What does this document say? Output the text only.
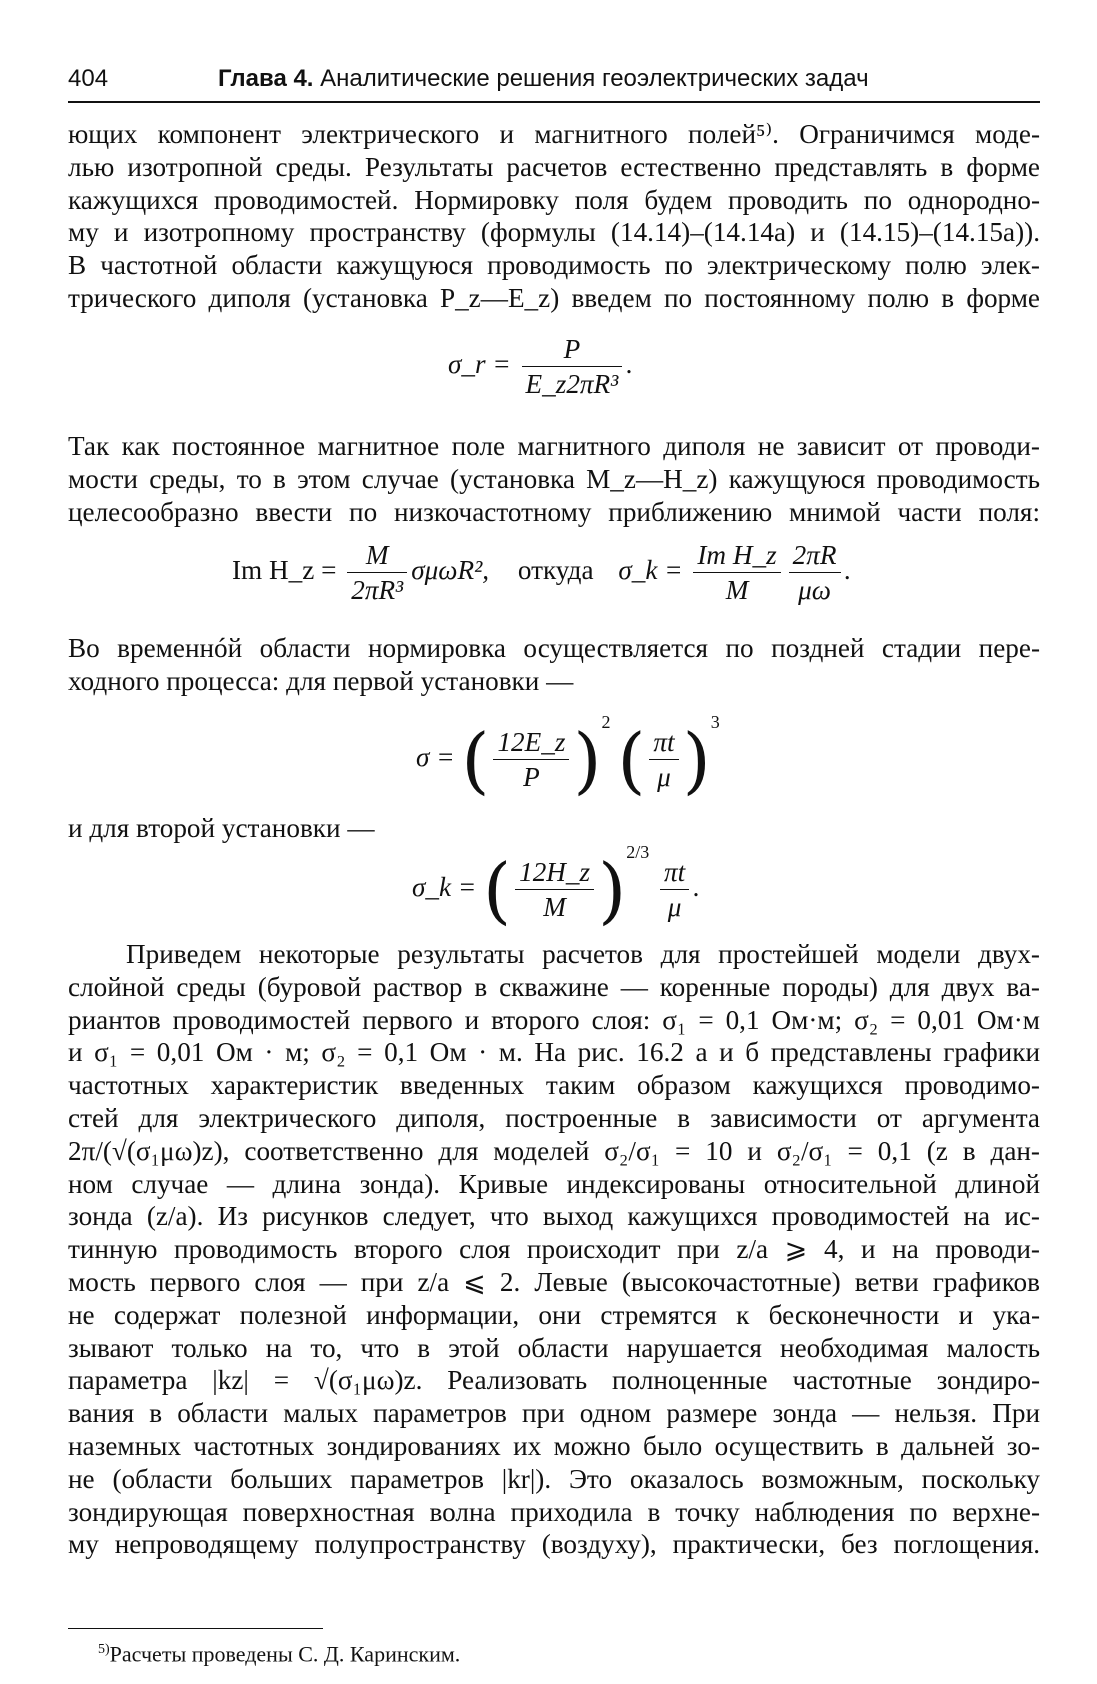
404	Глава 4. Аналитические решения геоэлектрических задач
ющих компонент электрического и магнитного полей⁵⁾. Ограничимся моде-
лью изотропной среды. Результаты расчетов естественно представлять в форме
кажущихся проводимостей. Нормировку поля будем проводить по однородно-
му и изотропному пространству (формулы (14.14)–(14.14a) и (14.15)–(14.15a)).
В частотной области кажущуюся проводимость по электрическому полю элек-
трического диполя (установка P_z—E_z) введем по постоянному полю в форме
σ_r = $\frac{P}{\text{E\_z2πR³}}$ .
Так как постоянное магнитное поле магнитного диполя не зависит от проводи-
мости среды, то в этом случае (установка M_z—H_z) кажущуюся проводимость
целесообразно ввести по низкочастотному приближению мнимой части поля:
Im H_z = $\frac{M}{\text{2πR³}} \sigma\mu\omega R^2$, откуда σ_k = $\frac{\text{Im H\_z}}{M} \frac{2\pi R}{\mu\omega}$ .
Во временнóй области нормировка осуществляется по поздней стадии пере-
ходного процесса: для первой установки —
σ = ( $\frac{12E\_z}{P} )^2$ ( $\frac{\pi t}{\mu} )^3$
и для второй установки —
σ_k = ( $\frac{12H\_z}{M} )^{2/3}$
$\frac{\pi t}{\mu}$ .
Приведем некоторые результаты расчетов для простейшей модели двух-
слойной среды (буровой раствор в скважине — коренные породы) для двух ва-
риантов проводимостей первого и второго слоя: σ₁ = 0,1 Ом·м; σ₂ = 0,01 Ом·м
и σ₁ = 0,01 Ом · м; σ₂ = 0,1 Ом · м. На рис. 16.2 а и б представлены графики
частотных характеристик введенных таким образом кажущихся проводимо-
стей для электрического диполя, построенные в зависимости от аргумента
2π/(√(σ₁μω)z), соответственно для моделей σ₂/σ₁ = 10 и σ₂/σ₁ = 0,1 (z в дан-
ном случае — длина зонда). Кривые индексированы относительной длиной
зонда (z/a). Из рисунков следует, что выход кажущихся проводимостей на ис-
тинную проводимость второго слоя происходит при z/a ⩾ 4, и на проводи-
мость первого слоя — при z/a ⩽ 2. Левые (высокочастотные) ветви графиков
не содержат полезной информации, они стремятся к бесконечности и ука-
зывают только на то, что в этой области нарушается необходимая малость
параметра |kz| = √(σ₁μω)z. Реализовать полноценные частотные зондиро-
вания в области малых параметров при одном размере зонда — нельзя. При
наземных частотных зондированиях их можно было осуществить в дальней зо-
не (области больших параметров |kr|). Это оказалось возможным, поскольку
зондирующая поверхностная волна приходила в точку наблюдения по верхне-
му непроводящему полупространству (воздуху), практически, без поглощения.
$^{5)}$Расчеты проведены С. Д. Каринским.
